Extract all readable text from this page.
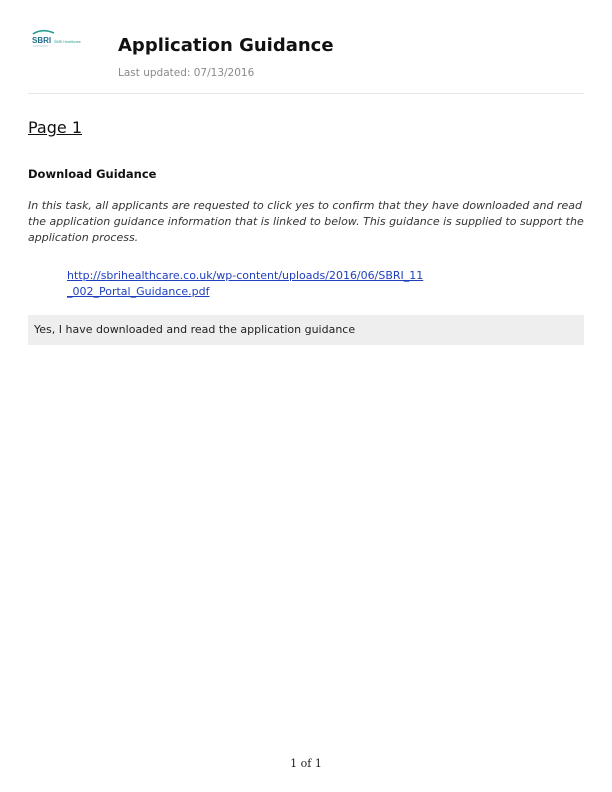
SBRI SBRI Healthcare Application Guidance
Last updated: 07/13/2016
Page 1
Download Guidance
In this task, all applicants are requested to click yes to confirm that they have downloaded and read the application guidance information that is linked to below. This guidance is supplied to support the application process.
http://sbrihealthcare.co.uk/wp-content/uploads/2016/06/SBRI_11_002_Portal_Guidance.pdf
Yes, I have downloaded and read the application guidance
1 of 1
